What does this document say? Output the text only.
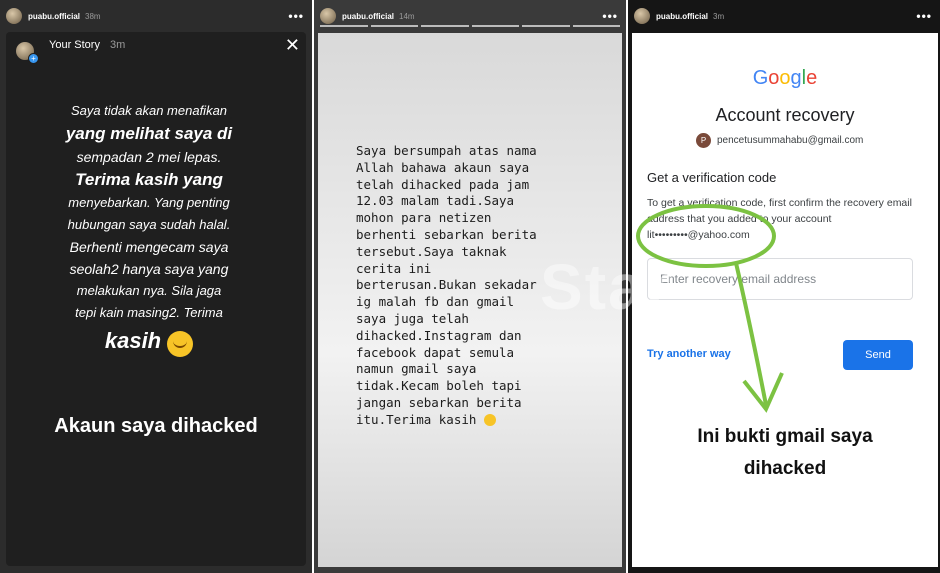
puabu.official 38m	•••
+
Your Story 3m	✕
Saya tidak akan menafikan
yang melihat saya di
sempadan 2 mei lepas.
Terima kasih yang
menyebarkan. Yang penting
hubungan saya sudah halal.
Berhenti mengecam saya
seolah2 hanya saya yang
melakukan nya. Sila jaga
tepi kain masing2. Terima
kasih
Akaun saya dihacked
puabu.official 14m	•••
Saya bersumpah atas nama
Allah bahawa akaun saya
telah dihacked pada jam
12.03 malam tadi.Saya
mohon para netizen
berhenti sebarkan berita
tersebut.Saya taknak
cerita ini
berterusan.Bukan sekadar
ig malah fb dan gmail
saya juga telah
dihacked.Instagram dan
facebook dapat semula
namun gmail saya
tidak.Kecam boleh tapi
jangan sebarkan berita
itu.Terima kasih
puabu.official 3m	•••
Google
Account recovery
P	pencetusummahabu@gmail.com
Get a verification code
To get a verification code, first confirm the recovery email address that you added to your account
lit•••••••••@yahoo.com
Enter recovery email address
Try another way	Send
Ini bukti gmail saya
dihacked
Star
